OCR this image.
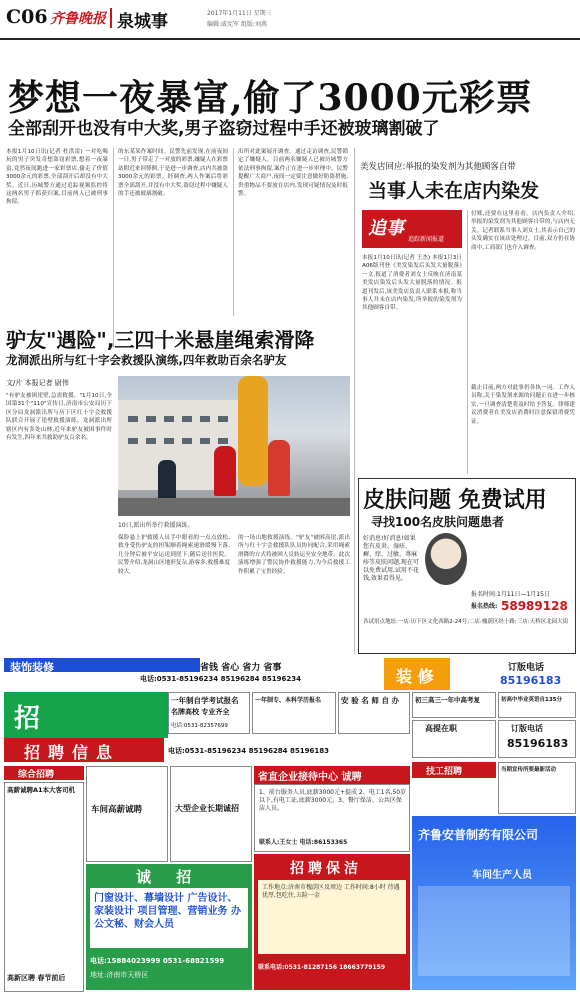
C06 齐鲁晚报 泉城事	2017年1月11日 星期三
编辑:戚宪军 组版:刘燕
梦想一夜暴富,偷了3000元彩票
全部刮开也没有中大奖,男子盗窃过程中手还被玻璃割破了
本报1月10日讯(记者 杜洪雷) 一对吃喝玩的男子突发奇想盗窃彩票,想着一夜暴富,竟然夜间跑进一家彩票店,偷走了价值3000余元的彩票,全部刮开后却没有中大奖。近日,历城警方通过追踪视频监控将这两名男子抓获归案,目前两人已被刑事拘留。
的东某某作案时间。民警先前发现,在前夜间一日,男子带走了一对放的彩票,嫌疑人在彩票站附近来回徘徊,于是进一步调查,店内共被盗3000余元的彩票。经调查,两人作案后将彩票全部刮开,并没有中大奖,盗窃过程中嫌疑人的手还被玻璃割破。
出所对此案展开调查。通过走访调查,民警锁定了嫌疑人。目前两名嫌疑人已被历城警方依法刑事拘留,案件正在进一步审理中。民警提醒广大商户,夜间一定要注意做好防盗措施,贵重物品不要放在店内,发现可疑情况及时报警。
驴友"遇险",三四十米悬崖绳索滑降
龙洞派出所与红十字会救援队演练,四年救助百余名驴友
文/片 本报记者 尉伟
"有驴友被困崖壁,急需救援。"1月10日,全国第31个"110"宣传日,济南市公安局历下区分局龙洞派出所与历下区红十字会救援队联合开展了崖壁救援演练。龙洞派出所辖区内有多处山林,近年来驴友被困事件时有发生,四年来共救助驴友百余名。
10日,派出所举行救援演练。
保险悬上护救援人员手中眼看的一点点放松,救身受伤驴友的担架顺着绳索速滑缓慢下落,几分钟后被平安运送到崖下,随后送往医院。民警介绍,龙洞山区地形复杂,游客多,救援难度较大。
的一场山地救援演练。"驴友"被困高崖,派出所与红十字会救援队队员协同配合,采用绳索滑降的方式将被困人员转运至安全地带。此次演练增强了警民协作救援能力,为今后救援工作积累了宝贵经验。
美发店回应:举报的染发剂为其他顾客自带
当事人未在店内染发
追事
追踪新闻报道
本报1月10日讯(记者 王杰) 本报1月3日A06版刊登《美发染发后头发大量脱落》一文,报道了消费者刘女士反映在济南某美发店染发后头发大量脱落的情况。报道刊发后,该美发店负责人联系本报,称当事人并未在店内染发,所举报的染发剂为其他顾客自带。
付账,还要在这里看看。店内负责人介绍,举报的染发剂为其他顾客自带的,与店内无关。记者联系当事人刘女士,其表示自己的头发确实在该店处理过。目前,双方仍在协商中,工商部门也介入调查。
截止目前,两方对此事仍各执一词。工作人员称,关于染发剂来源的问题正在进一步核实,一旦调查清楚将及时给予答复。律师建议消费者在美发店消费时注意保留消费凭证。
皮肤问题 免费试用
寻找100名皮肤问题患者
好消息!好消息!如果您有皮炎、湿疹、癣、痒、过敏、荨麻疹等皮肤问题,现在可以免费试用,试用不花钱,效果看得见。
报名时间:1月11日—1月15日
报名热线: 58989128
各试用点地址:一店:历下区文化西路2-24号;二店:槐荫区经十路;三店:天桥区北园大街
装饰装修	省钱 省心 省力 省事
电话:0531-85196234 85196284 85196234	装 修	订版电话
85196183
招
一年制自学考试报名
名牌高校 专业齐全
电话:0531-82357699
一年制专、本科学历报名	安 验 名 师 自 办 初三高三一年中高考复	初高中毕业英语自135分
高提在职	订版电话
85196183
招聘信息	电话:0531-85196234 85196284 85196183
综合招聘
高薪诚聘A1本大客司机
高新区聘 春节前后
车间高薪诚聘	大型企业长期诚招
省直企业接待中心 诚聘
1、前台服务人员,底薪3000元+提成 2、电工1名,50岁以下,有电工证,底薪3000元。3、餐厅保洁、公共区保洁人员。
联系人:王女士 电话:86153365
技工招聘	当期宣传所要最新活动
诚 招
门窗设计、幕墙设计 广告设计、家装设计 项目管理、营销业务 办公文秘、财会人员
电话:15884023999 0531-68821599
地址:济南市天桥区
招聘保洁
工作地点:济南市槐荫区及周边 工作时间:8小时 待遇优厚,包吃住,五险一金
联系电话:0531-81287156 18663779159
齐鲁安普制药有限公司
车间生产人员
